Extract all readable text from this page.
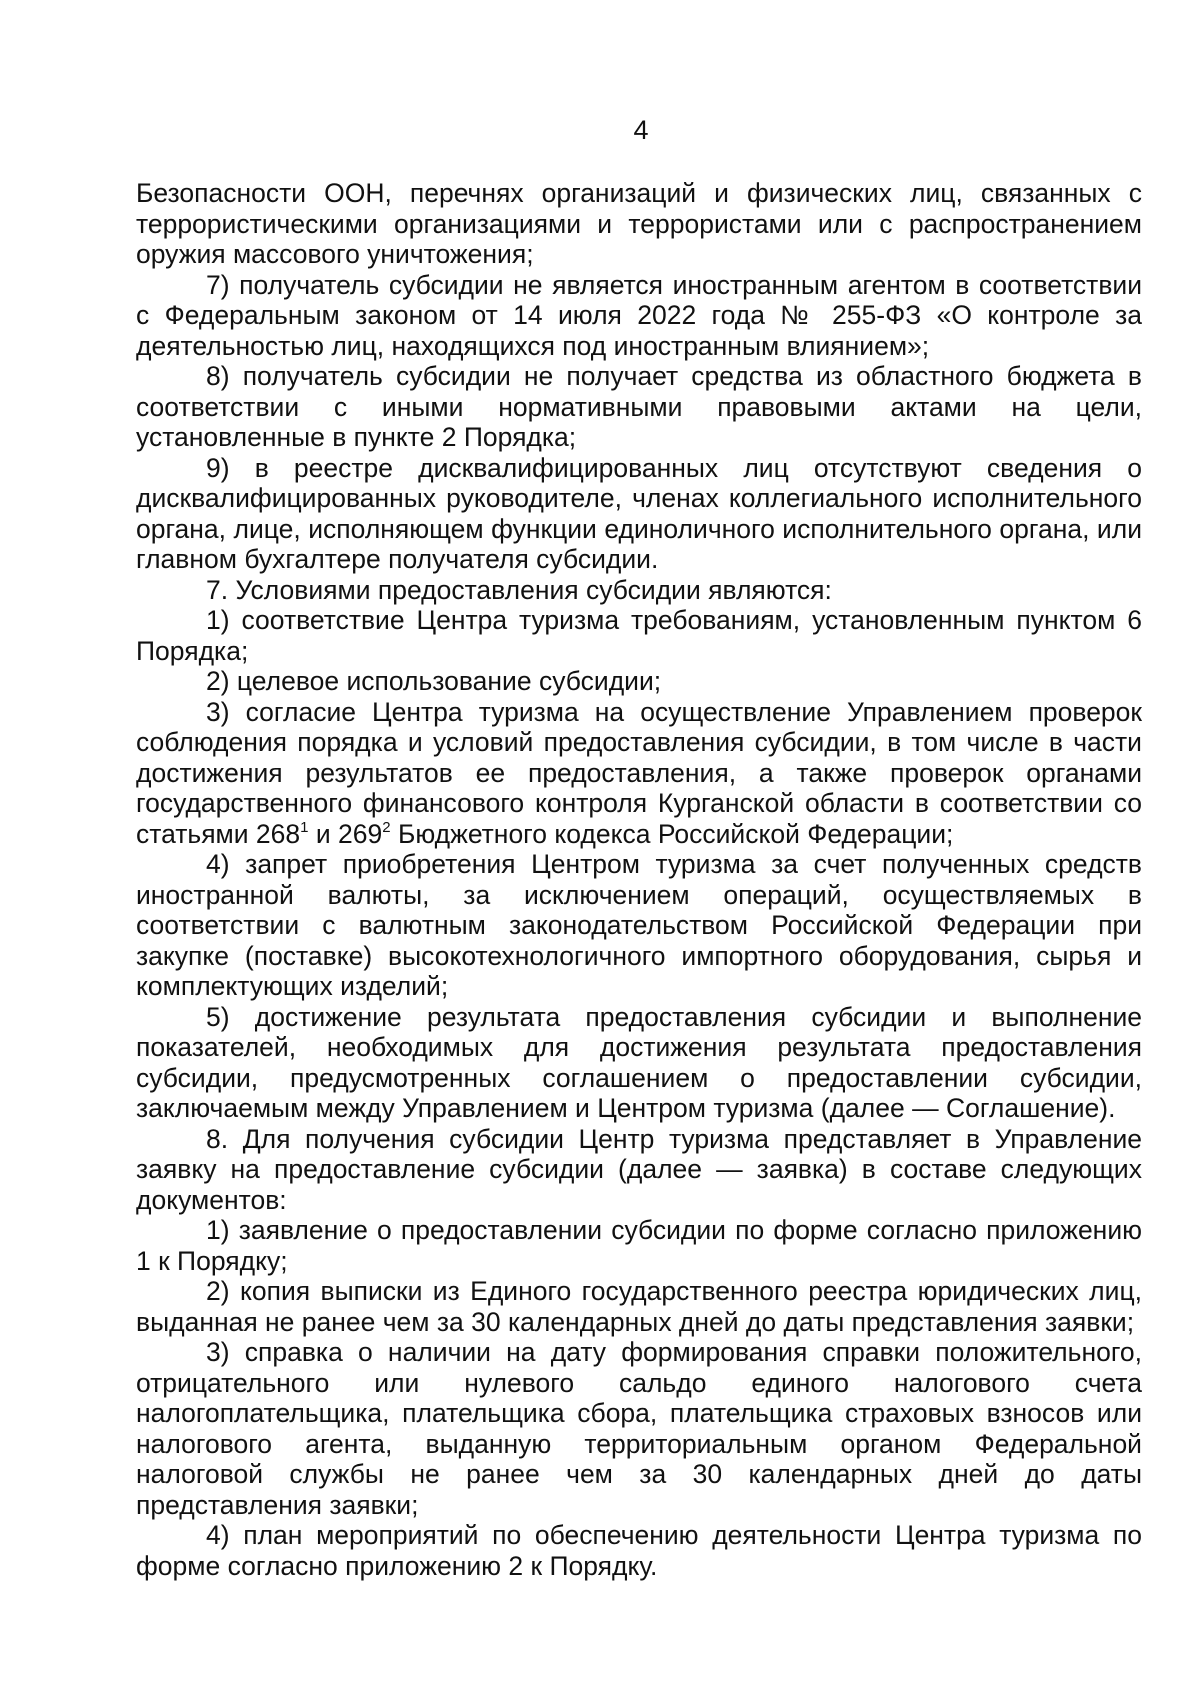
4

Безопасности ООН, перечнях организаций и физических лиц, связанных с террористическими организациями и террористами или с распространением оружия массового уничтожения;

7) получатель субсидии не является иностранным агентом в соответствии с Федеральным законом от 14 июля 2022 года № 255-ФЗ «О контроле за деятельностью лиц, находящихся под иностранным влиянием»;

8) получатель субсидии не получает средства из областного бюджета в соответствии с иными нормативными правовыми актами на цели, установленные в пункте 2 Порядка;

9) в реестре дисквалифицированных лиц отсутствуют сведения о дисквалифицированных руководителе, членах коллегиального исполнительного органа, лице, исполняющем функции единоличного исполнительного органа, или главном бухгалтере получателя субсидии.

7. Условиями предоставления субсидии являются:

1) соответствие Центра туризма требованиям, установленным пунктом 6 Порядка;

2) целевое использование субсидии;

3) согласие Центра туризма на осуществление Управлением проверок соблюдения порядка и условий предоставления субсидии, в том числе в части достижения результатов ее предоставления, а также проверок органами государственного финансового контроля Курганской области в соответствии со статьями $268^1$ и $269^2$ Бюджетного кодекса Российской Федерации;

4) запрет приобретения Центром туризма за счет полученных средств иностранной валюты, за исключением операций, осуществляемых в соответствии с валютным законодательством Российской Федерации при закупке (поставке) высокотехнологичного импортного оборудования, сырья и комплектующих изделий;

5) достижение результата предоставления субсидии и выполнение показателей, необходимых для достижения результата предоставления субсидии, предусмотренных соглашением о предоставлении субсидии, заключаемым между Управлением и Центром туризма (далее — Соглашение).

8. Для получения субсидии Центр туризма представляет в Управление заявку на предоставление субсидии (далее — заявка) в составе следующих документов:

1) заявление о предоставлении субсидии по форме согласно приложению 1 к Порядку;

2) копия выписки из Единого государственного реестра юридических лиц, выданная не ранее чем за 30 календарных дней до даты представления заявки;

3) справка о наличии на дату формирования справки положительного, отрицательного или нулевого сальдо единого налогового счета налогоплательщика, плательщика сбора, плательщика страховых взносов или налогового агента, выданную территориальным органом Федеральной налоговой службы не ранее чем за 30 календарных дней до даты представления заявки;

4) план мероприятий по обеспечению деятельности Центра туризма по форме согласно приложению 2 к Порядку.
